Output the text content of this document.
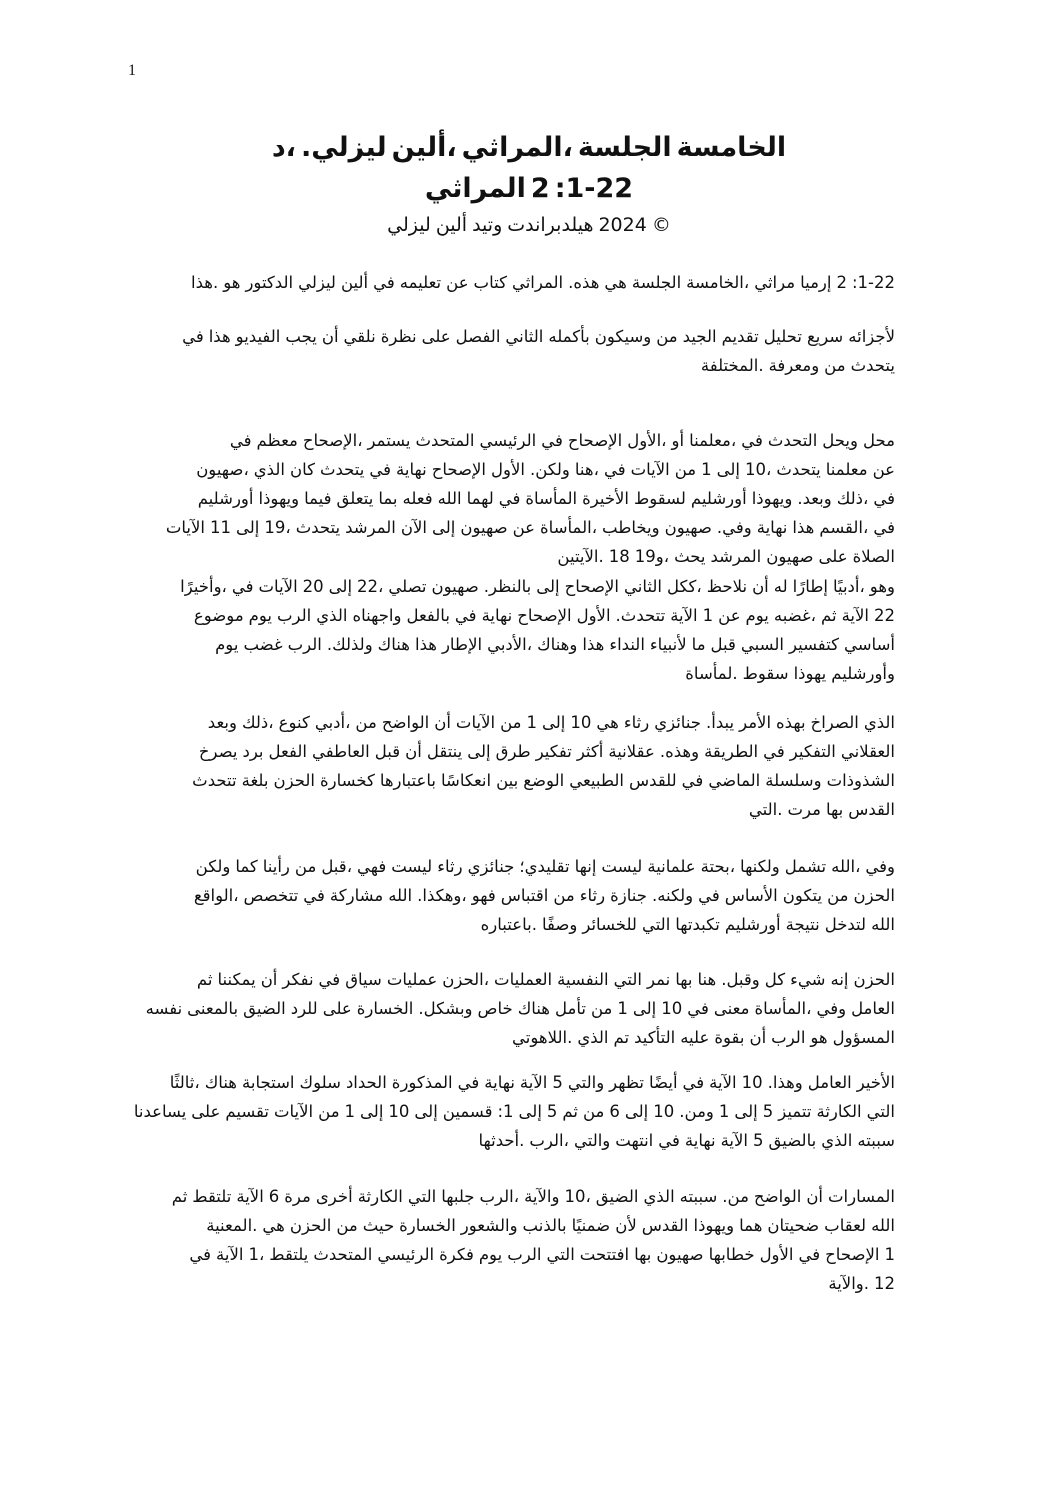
1
د، .ليزلي ألين، المراثي، الجلسة الخامسة
المراثي 2 :1-22
ليزلي ألين وتيد هيلدبراندت 2024 ©
هذا. هو الدكتور ليزلي ألين في تعليمه عن كتاب المراثي .هذه هي الجلسة الخامسة، مراثي إرميا 2 :1-22
في هذا الفيديو يجب أن نلقي نظرة على الفصل الثاني بأكمله وسيكون من الجيد تقديم تحليل سريع لأجزائه
المختلفة. ومعرفة من يتحدث
في معظم الإصحاح، يستمر المتحدث الرئيسي في الإصحاح الأول، أو معلمنا، في التحدث ويحل محل
صهيون، الذي كان يتحدث في نهاية الإصحاح الأول .ولكن هنا، في الآيات من 1 إلى 10، يتحدث معلمنا عن
أورشليم ويهوذا فيما يتعلق بما فعله الله لهما في المأساة الأخيرة لسقوط أورشليم ويهوذا .وبعد ذلك، في
الآيات 11 إلى 19، يتحدث المرشد الآن إلى صهيون عن المأساة، ويخاطب صهيون .وفي نهاية هذا القسم، في
الآيتين. 18 و19، يحث المرشد صهيون على الصلاة
وأخيرًا، في الآيات 20 إلى 22، تصلي صهيون .بالنظر إلى الإصحاح الثاني ككل، نلاحظ أن له إطارًا أدبيًا، وهو
موضوع يوم الرب الذي واجهناه بالفعل في نهاية الإصحاح الأول .تتحدث الآية 1 عن يوم غضبه، ثم الآية 22
يوم غضب الرب .ولذلك هناك هذا الإطار الأدبي، وهناك هذا النداء لأنبياء ما قبل السبي كتفسير أساسي
لمأساة. سقوط يهوذا وأورشليم
وبعد ذلك، كنوع أدبي، من الواضح أن الآيات من 1 إلى 10 هي رثاء جنائزي .يبدأ الأمر بهذه الصراخ الذي
يصرخ برد الفعل العاطفي قبل أن ينتقل إلى طرق تفكير أكثر عقلانية .وهذه الطريقة في التفكير العقلاني
تتحدث بلغة الحزن كخسارة باعتبارها انعكاسًا بين الوضع الطبيعي للقدس في الماضي وسلسلة الشذوذات
التي. مرت بها القدس
ولكن كما رأينا من قبل، فهي ليست رثاء جنائزي تقليدي؛ إنها ليست علمانية بحتة، ولكنها تشمل الله، وفي
الواقع، تتخصص في مشاركة الله .وهكذا، فهو اقتباس من رثاء جنازة .ولكنه في الأساس يتكون من الحزن
باعتباره. وصفًا للخسائر التي تكبدتها أورشليم نتيجة لتدخل الله
ثم يمكننا أن نفكر في سياق عمليات الحزن، العمليات النفسية التي نمر بها هنا .وقبل كل شيء إنه الحزن
نفسه بالمعنى الضيق للرد على الخسارة .وبشكل خاص هناك تأمل من 1 إلى 10 في معنى المأساة، وفي العامل
اللاهوتي. الذي تم التأكيد عليه بقوة أن الرب هو المسؤول
ثالثًا، هناك استجابة سلوك الحداد المذكورة في نهاية الآية 5 والتي تظهر أيضًا في الآية 10 .وهذا العامل الأخير
يساعدنا على تقسيم الآيات من 1 إلى 10 إلى قسمين :1 إلى 5 ثم من 6 إلى 10 .ومن 1 إلى 5 تتميز الكارثة التي
أحدثها. الرب، والتي انتهت في نهاية الآية 5 بالضيق الذي سببته
ثم تلتقط الآية 6 مرة أخرى الكارثة التي جلبها الرب، والآية 10، الضيق الذي سببته .من الواضح أن المسارات
المعنية. هي الحزن من حيث الخسارة والشعور بالذنب ضمنيًا لأن القدس ويهوذا هما ضحيتان لعقاب الله
في الآية 1، يلتقط المتحدث الرئيسي فكرة يوم الرب التي افتتحت بها صهيون خطابها الأول في الإصحاح 1
والآية. 12
